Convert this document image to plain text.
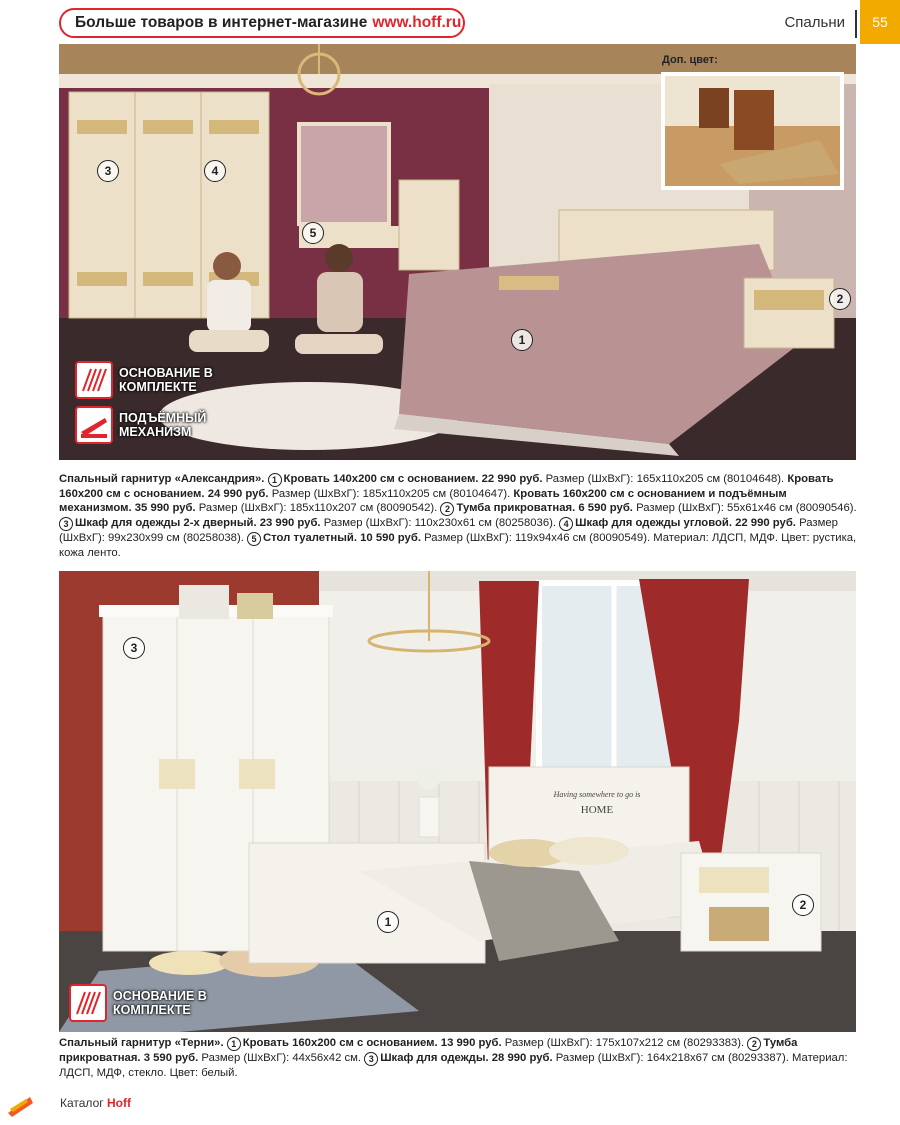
Больше товаров в интернет-магазине www.hoff.ru	Спальни	55
Доп. цвет:
1
2
3	4
5
ОСНОВАНИЕ В КОМПЛЕКТЕ
ПОДЪЁМНЫЙ МЕХАНИЗМ
Спальный гарнитур «Александрия». 1 Кровать 140х200 см с основанием. 22 990 руб. Размер (ШхВхГ): 165х110х205 см (80104648). Кровать 160х200 см с основанием. 24 990 руб. Размер (ШхВхГ): 185х110х205 см (80104647). Кровать 160х200 см с основанием и подъёмным механизмом. 35 990 руб. Размер (ШхВхГ): 185х110х207 см (80090542). 2 Тумба прикроватная. 6 590 руб. Размер (ШхВхГ): 55х61х46 см (80090546). 3 Шкаф для одежды 2-х дверный. 23 990 руб. Размер (ШхВхГ): 110х230х61 см (80258036). 4 Шкаф для одежды угловой. 22 990 руб. Размер (ШхВхГ): 99х230х99 см (80258038). 5 Стол туалетный. 10 590 руб. Размер (ШхВхГ): 119х94х46 см (80090549). Материал: ЛДСП, МДФ. Цвет: рустика, кожа ленто.
Having somewhere to go is
HOME
3
1
2
ОСНОВАНИЕ В КОМПЛЕКТЕ
Спальный гарнитур «Терни». 1 Кровать 160х200 см с основанием. 13 990 руб. Размер (ШхВхГ): 175х107х212 см (80293383). 2 Тумба прикроватная. 3 590 руб. Размер (ШхВхГ): 44х56х42 см. 3 Шкаф для одежды. 28 990 руб. Размер (ШхВхГ): 164х218х67 см (80293387). Материал: ЛДСП, МДФ, стекло. Цвет: белый.
Каталог Hoff
